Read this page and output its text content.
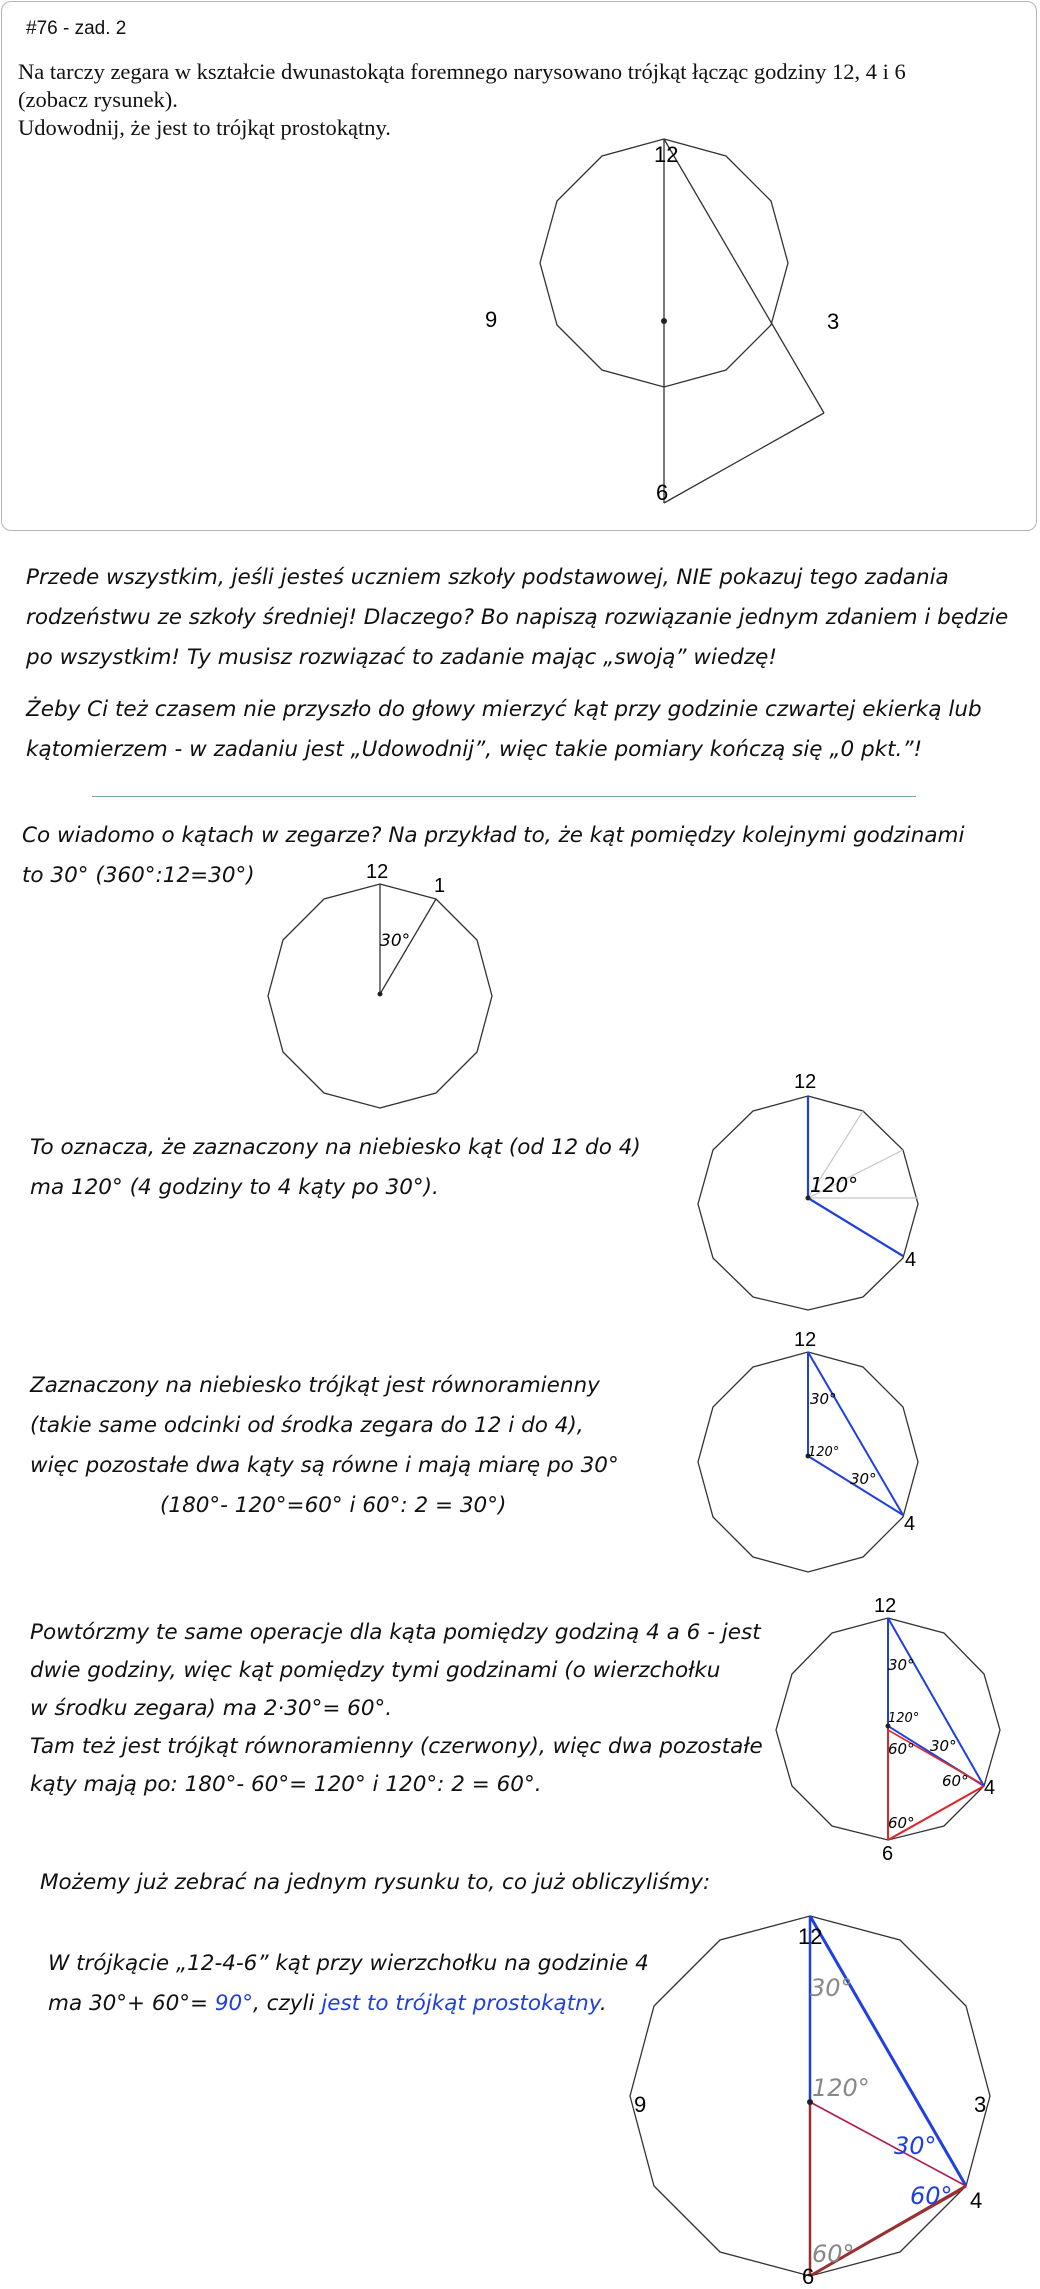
#76 - zad. 2
Na tarczy zegara w kształcie dwunastokąta foremnego narysowano trójkąt łącząc godziny 12, 4 i 6
(zobacz rysunek).
Udowodnij, że jest to trójkąt prostokątny.
12
3
9
6
Przede wszystkim, jeśli jesteś uczniem szkoły podstawowej, NIE pokazuj tego zadania rodzeństwu ze szkoły średniej! Dlaczego? Bo napiszą rozwiązanie jednym zdaniem i będzie po wszystkim! Ty musisz rozwiązać to zadanie mając „swoją” wiedzę!
Żeby Ci też czasem nie przyszło do głowy mierzyć kąt przy godzinie czwartej ekierką lub kątomierzem - w zadaniu jest „Udowodnij”, więc takie pomiary kończą się „0 pkt.”!
Co wiadomo o kątach w zegarze? Na przykład to, że kąt pomiędzy kolejnymi godzinami
to 30° (360°:12=30°)	12
1
30°
To oznacza, że zaznaczony na niebiesko kąt (od 12 do 4)
ma 120° (4 godziny to 4 kąty po 30°).
12
4
120°
Zaznaczony na niebiesko trójkąt jest równoramienny
(takie same odcinki od środka zegara do 12 i do 4),
więc pozostałe dwa kąty są równe i mają miarę po 30°
(180°- 120°=60° i 60°: 2 = 30°)
12
4
30°
120°
30°
Powtórzmy te same operacje dla kąta pomiędzy godziną 4 a 6 - jest
dwie godziny, więc kąt pomiędzy tymi godzinami (o wierzchołku
w środku zegara) ma 2·30°= 60°.
Tam też jest trójkąt równoramienny (czerwony), więc dwa pozostałe
kąty mają po: 180°- 60°= 120° i 120°: 2 = 60°.
12
4
6
30°
120°
60° 30°
60°
60°
Możemy już zebrać na jednym rysunku to, co już obliczyliśmy:
W trójkącie „12-4-6” kąt przy wierzchołku na godzinie 4
ma 30°+ 60°= 90°, czyli jest to trójkąt prostokątny.
12
3
9
4
6
30°
120°
30°
60°
60°
